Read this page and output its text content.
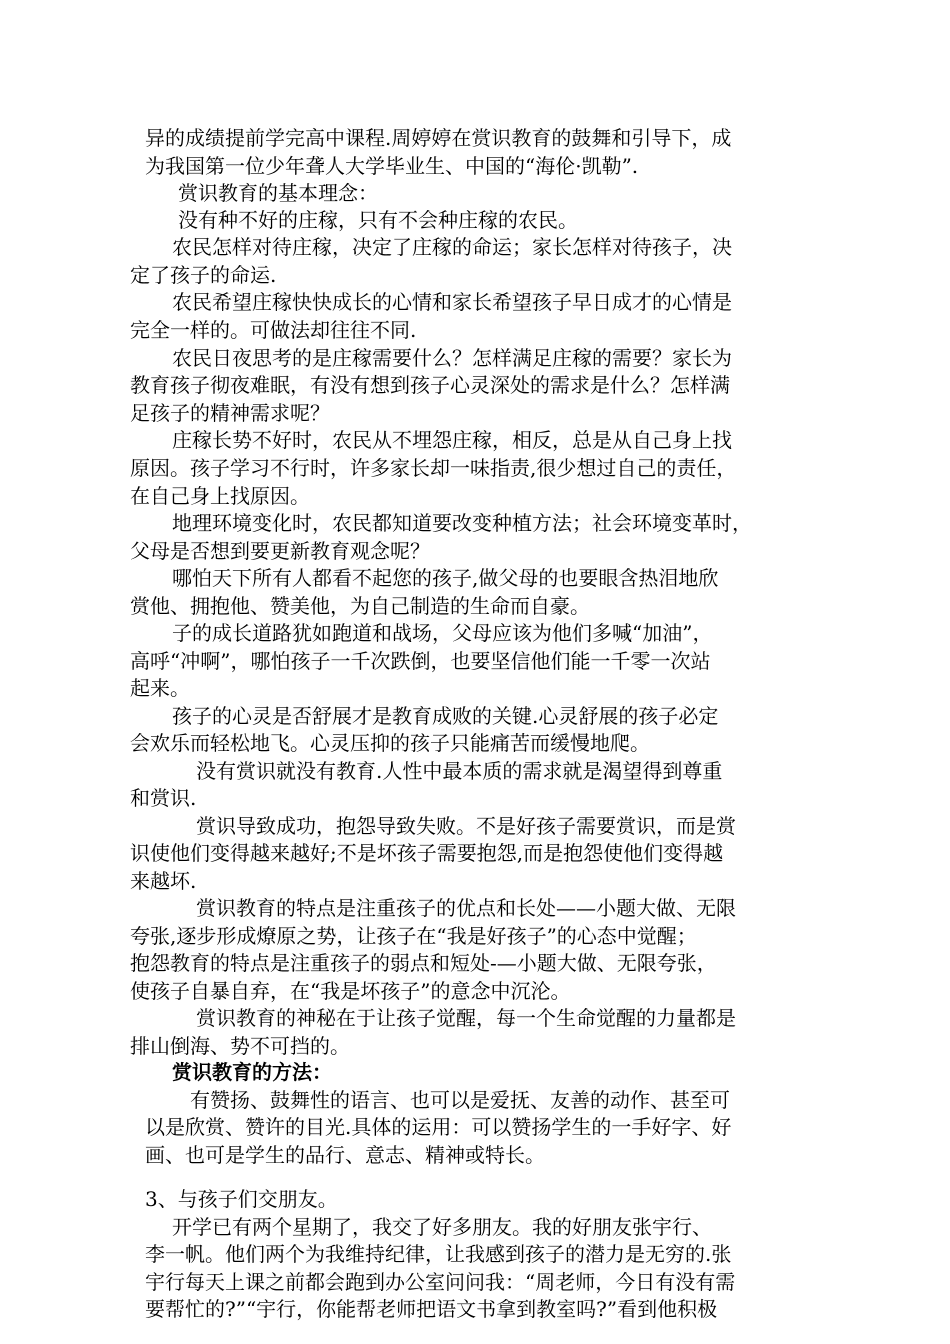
异的成绩提前学完高中课程.周婷婷在赏识教育的鼓舞和引导下，成

为我国第一位少年聋人大学毕业生、中国的“海伦·凯勒”.

赏识教育的基本理念：

没有种不好的庄稼，只有不会种庄稼的农民。

农民怎样对待庄稼，决定了庄稼的命运；家长怎样对待孩子，决

定了孩子的命运.

农民希望庄稼快快成长的心情和家长希望孩子早日成才的心情是

完全一样的。可做法却往往不同.

农民日夜思考的是庄稼需要什么？怎样满足庄稼的需要？家长为

教育孩子彻夜难眠，有没有想到孩子心灵深处的需求是什么？怎样满

足孩子的精神需求呢？

庄稼长势不好时，农民从不埋怨庄稼，相反，总是从自己身上找

原因。孩子学习不行时，许多家长却一味指责,很少想过自己的责任，

在自己身上找原因。

地理环境变化时，农民都知道要改变种植方法；社会环境变革时，

父母是否想到要更新教育观念呢？

哪怕天下所有人都看不起您的孩子,做父母的也要眼含热泪地欣

赏他、拥抱他、赞美他，为自己制造的生命而自豪。

子的成长道路犹如跑道和战场，父母应该为他们多喊“加油”，

高呼“冲啊”，哪怕孩子一千次跌倒，也要坚信他们能一千零一次站

起来。

孩子的心灵是否舒展才是教育成败的关键.心灵舒展的孩子必定

会欢乐而轻松地飞。心灵压抑的孩子只能痛苦而缓慢地爬。

没有赏识就没有教育.人性中最本质的需求就是渴望得到尊重

和赏识.

赏识导致成功，抱怨导致失败。不是好孩子需要赏识，而是赏

识使他们变得越来越好;不是坏孩子需要抱怨,而是抱怨使他们变得越

来越坏.

赏识教育的特点是注重孩子的优点和长处——小题大做、无限

夸张,逐步形成燎原之势，让孩子在“我是好孩子”的心态中觉醒；

抱怨教育的特点是注重孩子的弱点和短处-—小题大做、无限夸张，

使孩子自暴自弃，在“我是坏孩子”的意念中沉沦。

赏识教育的神秘在于让孩子觉醒，每一个生命觉醒的力量都是

排山倒海、势不可挡的。

赏识教育的方法：

有赞扬、鼓舞性的语言、也可以是爱抚、友善的动作、甚至可

以是欣赏、赞许的目光.具体的运用：可以赞扬学生的一手好字、好

画、也可是学生的品行、意志、精神或特长。

3、与孩子们交朋友。

开学已有两个星期了，我交了好多朋友。我的好朋友张宇行、

李一帆。他们两个为我维持纪律，让我感到孩子的潜力是无穷的.张

宇行每天上课之前都会跑到办公室问问我：“周老师，今日有没有需

要帮忙的?”“宇行，你能帮老师把语文书拿到教室吗?”看到他积极
